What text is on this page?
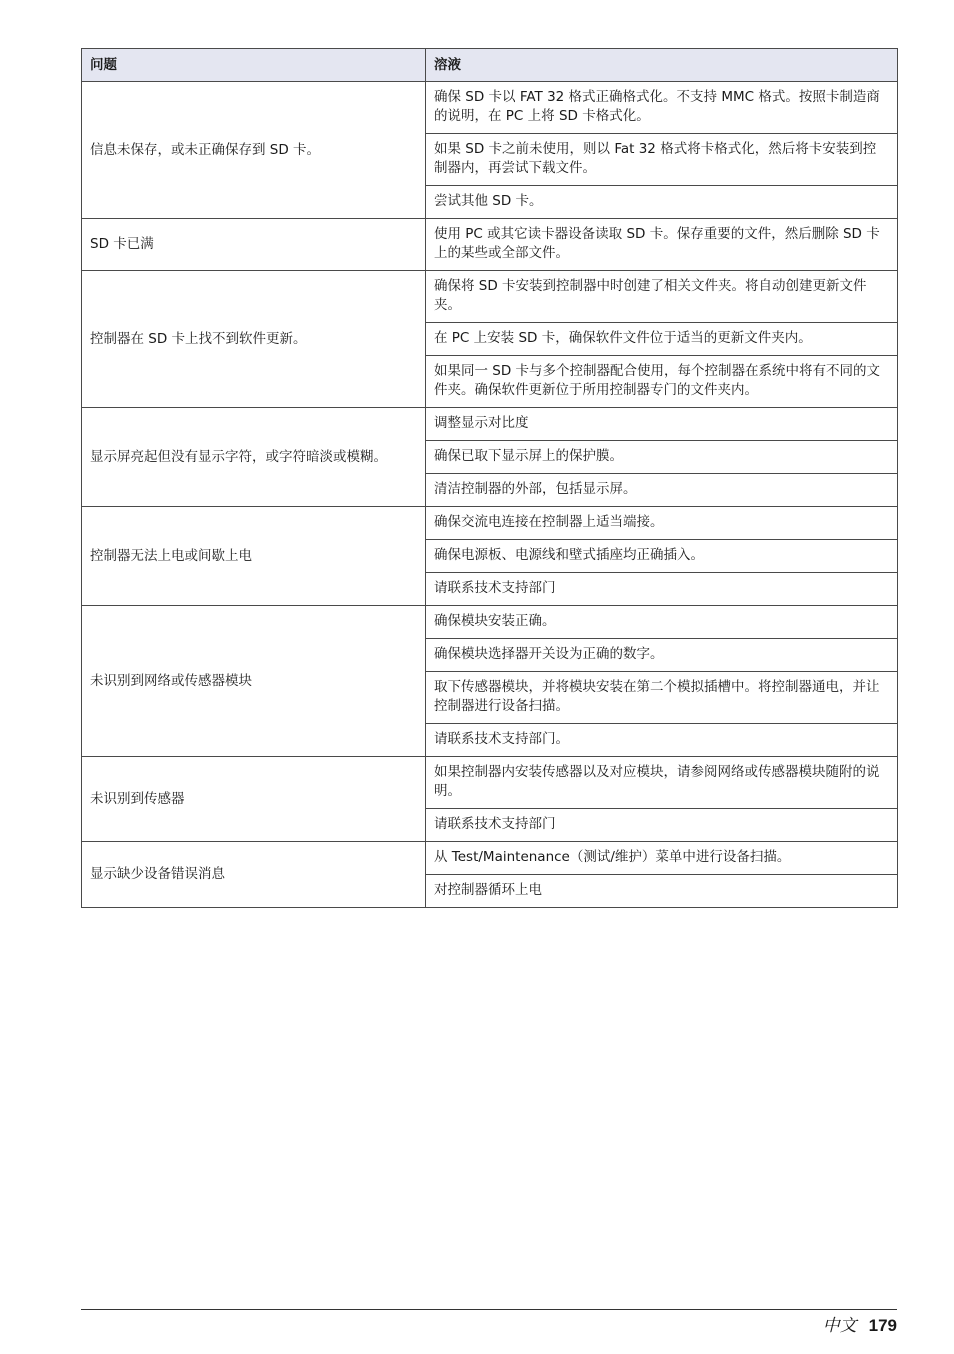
问题	溶液
信息未保存，或未正确保存到 SD 卡。	确保 SD 卡以 FAT 32 格式正确格式化。不支持 MMC 格式。按照卡制造商的说明，在 PC 上将 SD 卡格式化。
	如果 SD 卡之前未使用，则以 Fat 32 格式将卡格式化，然后将卡安装到控制器内，再尝试下载文件。
	尝试其他 SD 卡。
SD 卡已满	使用 PC 或其它读卡器设备读取 SD 卡。保存重要的文件，然后删除 SD 卡上的某些或全部文件。
控制器在 SD 卡上找不到软件更新。	确保将 SD 卡安装到控制器中时创建了相关文件夹。将自动创建更新文件夹。
	在 PC 上安装 SD 卡，确保软件文件位于适当的更新文件夹内。
	如果同一 SD 卡与多个控制器配合使用，每个控制器在系统中将有不同的文件夹。确保软件更新位于所用控制器专门的文件夹内。
显示屏亮起但没有显示字符，或字符暗淡或模糊。	调整显示对比度
	确保已取下显示屏上的保护膜。
	清洁控制器的外部，包括显示屏。
控制器无法上电或间歇上电	确保交流电连接在控制器上适当端接。
	确保电源板、电源线和壁式插座均正确插入。
	请联系技术支持部门
未识别到网络或传感器模块	确保模块安装正确。
	确保模块选择器开关设为正确的数字。
	取下传感器模块，并将模块安装在第二个模拟插槽中。将控制器通电，并让控制器进行设备扫描。
	请联系技术支持部门。
未识别到传感器	如果控制器内安装传感器以及对应模块，请参阅网络或传感器模块随附的说明。
	请联系技术支持部门
显示缺少设备错误消息	从 Test/Maintenance（测试/维护）菜单中进行设备扫描。
	对控制器循环上电
中文 179
